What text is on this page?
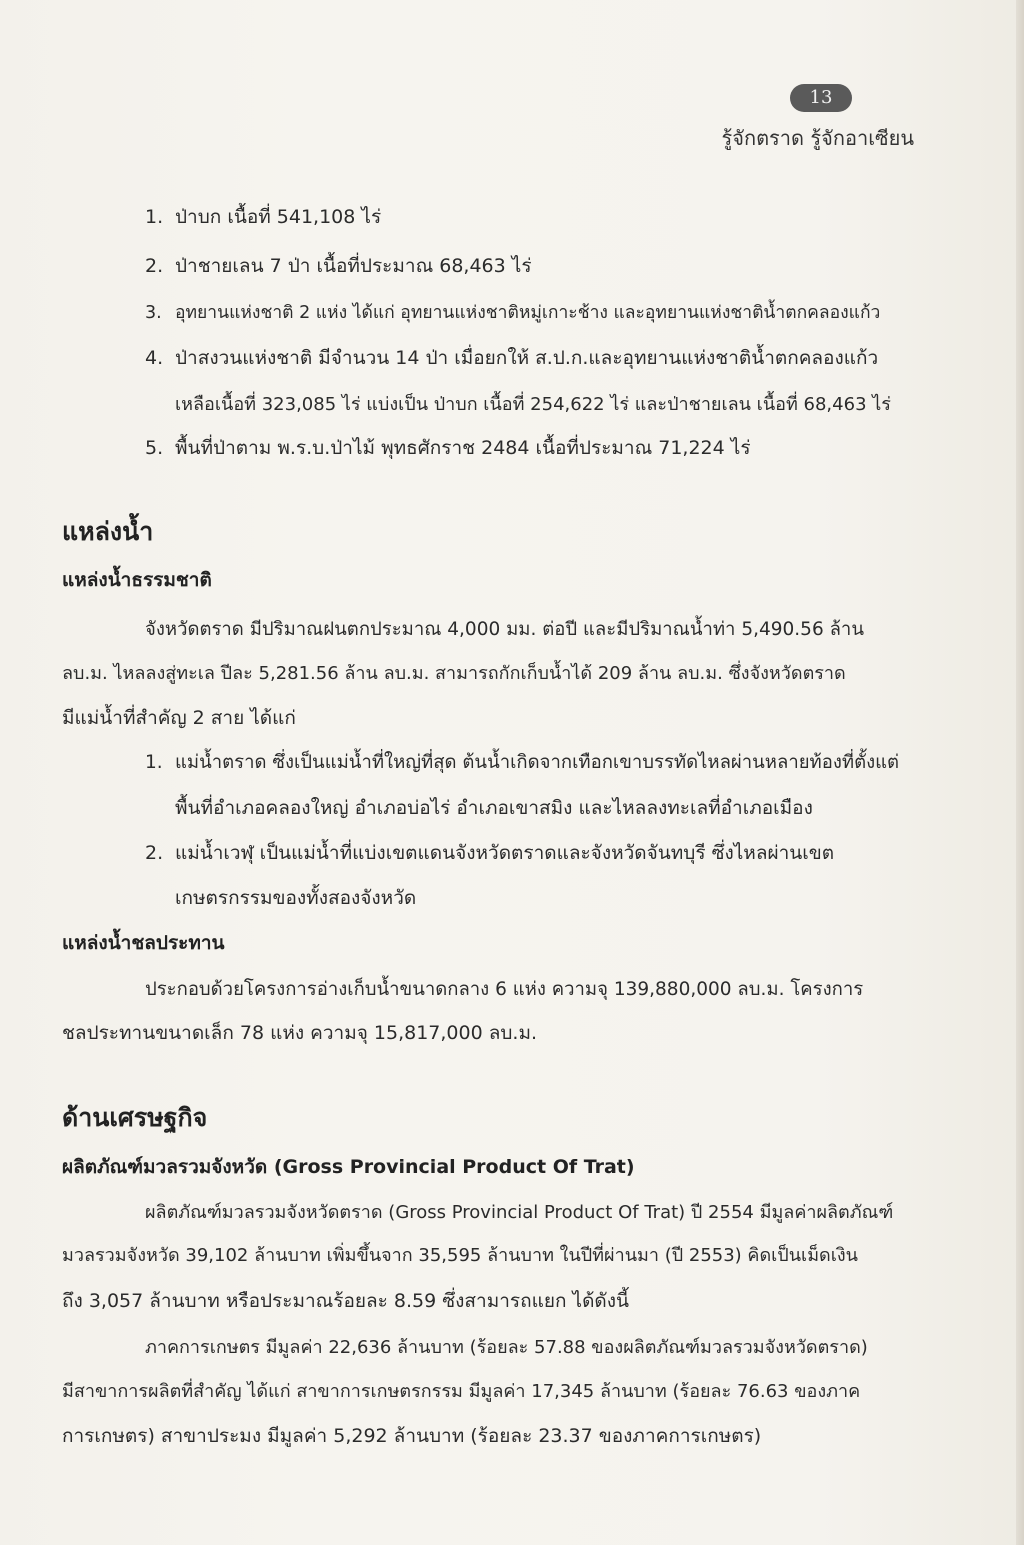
13
รู้จักตราด รู้จักอาเซียน
1. ป่าบก เนื้อที่ 541,108 ไร่
2. ป่าชายเลน 7 ป่า เนื้อที่ประมาณ 68,463 ไร่
3. อุทยานแห่งชาติ 2 แห่ง ได้แก่ อุทยานแห่งชาติหมู่เกาะช้าง และอุทยานแห่งชาติน้ำตกคลองแก้ว
4. ป่าสงวนแห่งชาติ มีจำนวน 14 ป่า เมื่อยกให้ ส.ป.ก.และอุทยานแห่งชาติน้ำตกคลองแก้ว
เหลือเนื้อที่ 323,085 ไร่ แบ่งเป็น ป่าบก เนื้อที่ 254,622 ไร่ และป่าชายเลน เนื้อที่ 68,463 ไร่
5. พื้นที่ป่าตาม พ.ร.บ.ป่าไม้ พุทธศักราช 2484 เนื้อที่ประมาณ 71,224 ไร่
แหล่งน้ำ
แหล่งน้ำธรรมชาติ
จังหวัดตราด มีปริมาณฝนตกประมาณ 4,000 มม. ต่อปี และมีปริมาณน้ำท่า 5,490.56 ล้าน
ลบ.ม. ไหลลงสู่ทะเล ปีละ 5,281.56 ล้าน ลบ.ม. สามารถกักเก็บน้ำได้ 209 ล้าน ลบ.ม. ซึ่งจังหวัดตราด
มีแม่น้ำที่สำคัญ 2 สาย ได้แก่
1. แม่น้ำตราด ซึ่งเป็นแม่น้ำที่ใหญ่ที่สุด ต้นน้ำเกิดจากเทือกเขาบรรทัดไหลผ่านหลายท้องที่ตั้งแต่
พื้นที่อำเภอคลองใหญ่ อำเภอบ่อไร่ อำเภอเขาสมิง และไหลลงทะเลที่อำเภอเมือง
2. แม่น้ำเวฬุ เป็นแม่น้ำที่แบ่งเขตแดนจังหวัดตราดและจังหวัดจันทบุรี ซึ่งไหลผ่านเขต
เกษตรกรรมของทั้งสองจังหวัด
แหล่งน้ำชลประทาน
ประกอบด้วยโครงการอ่างเก็บน้ำขนาดกลาง 6 แห่ง ความจุ 139,880,000 ลบ.ม. โครงการ
ชลประทานขนาดเล็ก 78 แห่ง ความจุ 15,817,000 ลบ.ม.
ด้านเศรษฐกิจ
ผลิตภัณฑ์มวลรวมจังหวัด (Gross Provincial Product Of Trat)
ผลิตภัณฑ์มวลรวมจังหวัดตราด (Gross Provincial Product Of Trat) ปี 2554 มีมูลค่าผลิตภัณฑ์
มวลรวมจังหวัด 39,102 ล้านบาท เพิ่มขึ้นจาก 35,595 ล้านบาท ในปีที่ผ่านมา (ปี 2553) คิดเป็นเม็ดเงิน
ถึง 3,057 ล้านบาท หรือประมาณร้อยละ 8.59 ซึ่งสามารถแยก ได้ดังนี้
ภาคการเกษตร มีมูลค่า 22,636 ล้านบาท (ร้อยละ 57.88 ของผลิตภัณฑ์มวลรวมจังหวัดตราด)
มีสาขาการผลิตที่สำคัญ ได้แก่ สาขาการเกษตรกรรม มีมูลค่า 17,345 ล้านบาท (ร้อยละ 76.63 ของภาค
การเกษตร) สาขาประมง มีมูลค่า 5,292 ล้านบาท (ร้อยละ 23.37 ของภาคการเกษตร)
